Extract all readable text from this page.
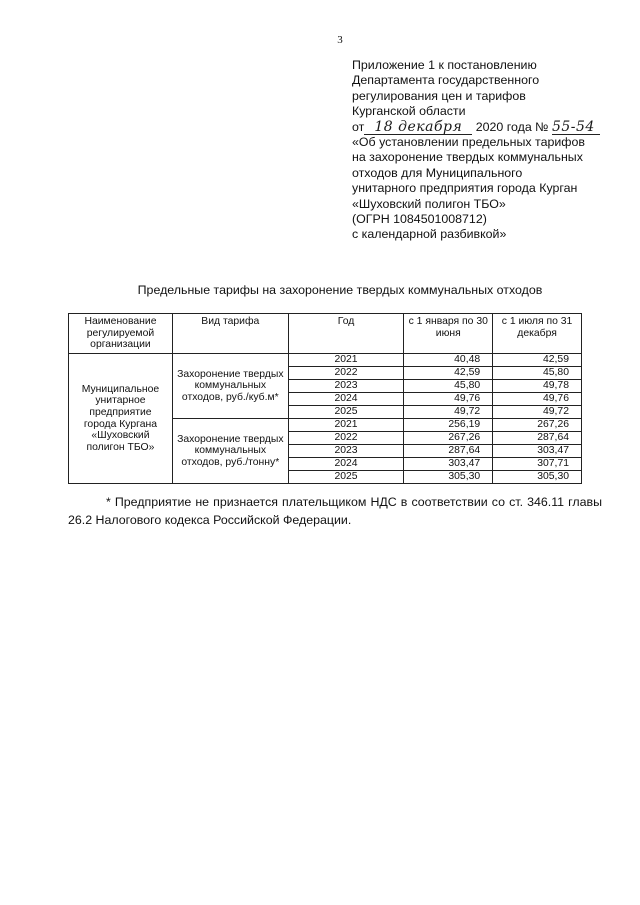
3
Приложение 1 к постановлению
Департамента государственного
регулирования цен и тарифов
Курганской области
от 18 декабря 2020 года № 55-54
«Об установлении предельных тарифов
на захоронение твердых коммунальных
отходов для Муниципального
унитарного предприятия города Курган
«Шуховский полигон ТБО»
(ОГРН 1084501008712)
с календарной разбивкой»
Предельные тарифы на захоронение твердых коммунальных отходов
Наименование регулируемой организации	Вид тарифа	Год	с 1 января по 30 июня	с 1 июля по 31 декабря
Муниципальное унитарное предприятие города Кургана «Шуховский полигон ТБО»	Захоронение твердых коммунальных отходов, руб./куб.м*	2021	40,48	42,59
		2022	42,59	45,80
		2023	45,80	49,78
		2024	49,76	49,76
		2025	49,72	49,72
	Захоронение твердых коммунальных отходов, руб./тонну*	2021	256,19	267,26
		2022	267,26	287,64
		2023	287,64	303,47
		2024	303,47	307,71
		2025	305,30	305,30
* Предприятие не признается плательщиком НДС в соответствии со ст. 346.11 главы 26.2 Налогового кодекса Российской Федерации.
